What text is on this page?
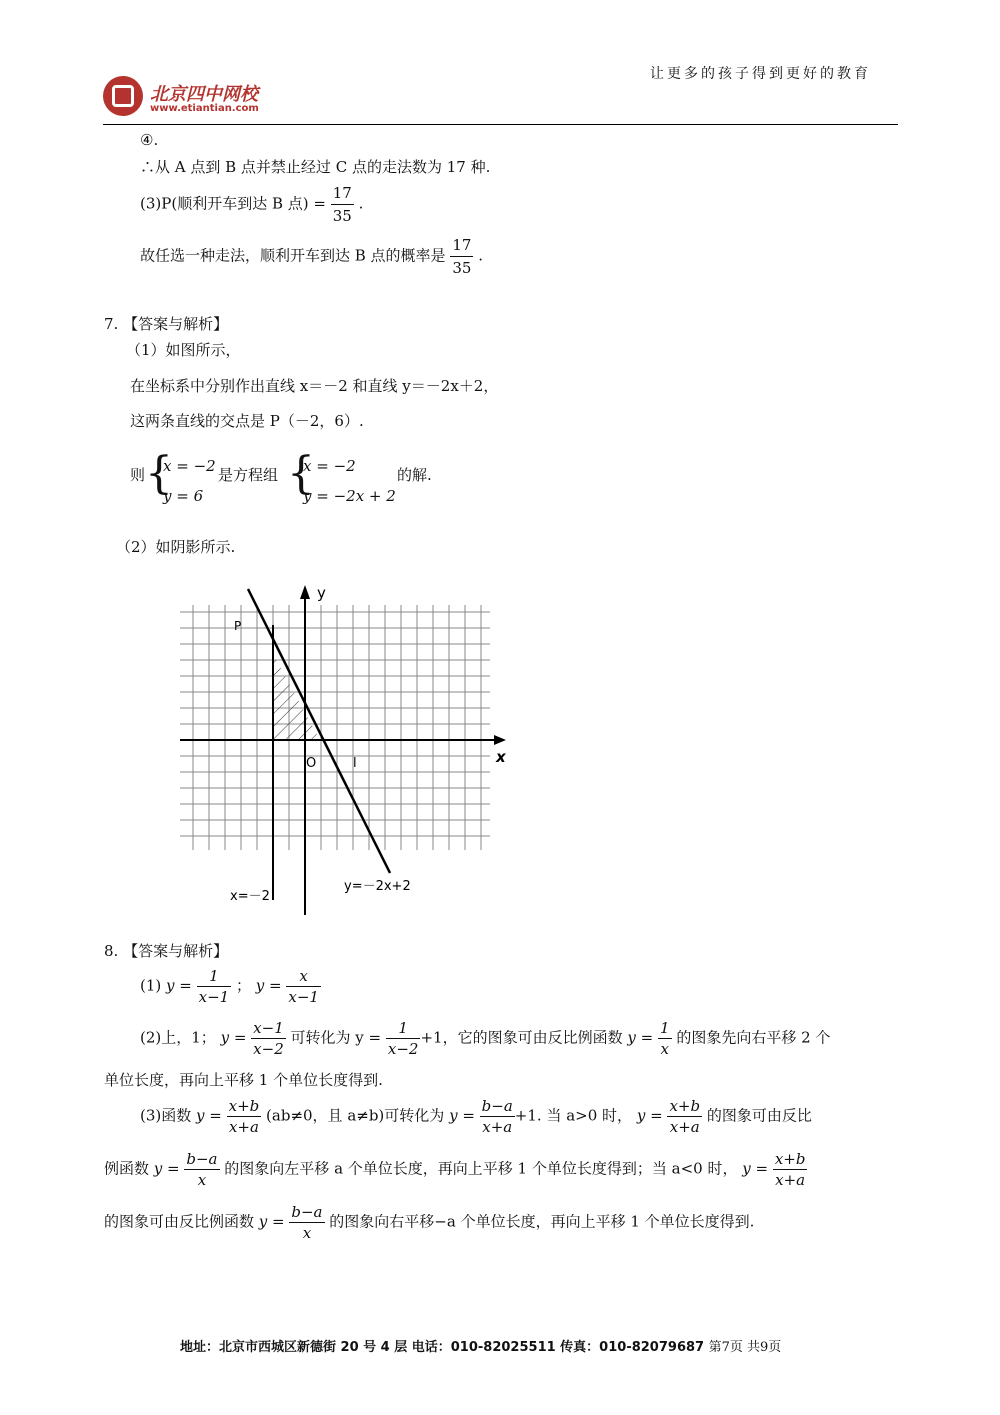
北京四中网校
www.etiantian.com
让更多的孩子得到更好的教育
④.
∴从 A 点到 B 点并禁止经过 C 点的走法数为 17 种.
(3)P(顺利开车到达 B 点) = $\frac{17}{35}$ .
故任选一种走法，顺利开车到达 B 点的概率是 $\frac{17}{35}$ .
7. 【答案与解析】
（1）如图所示，
在坐标系中分别作出直线 x＝－2 和直线 y＝－2x＋2，
这两条直线的交点是 P（－2，6）.
则 {
x = −2
y = 6
是方程组 {
x = −2
y = −2x + 2
的解.
（2）如阴影所示.
y
x
P
O	l
x=－2
y=－2x+2
8. 【答案与解析】
(1) $y = \frac{1}{x-1}$ ； $y = \frac{x}{x-1}$
(2)上，1； $y = \frac{x-1}{x-2}$ 可转化为 $y = \frac{1}{x-2} +1$，它的图象可由反比例函数 $y = \frac{1}{x}$ 的图象先向右平移 2 个
单位长度，再向上平移 1 个单位长度得到.
(3)函数 $y = \frac{x+b}{x+a} (ab\ne 0$，且 a≠b)可转化为 $y = \frac{b-a}{x+a} +1$. 当 a>0 时， $y = \frac{x+b}{x+a}$ 的图象可由反比
例函数 $y = \frac{b-a}{x}$ 的图象向左平移 a 个单位长度，再向上平移 1 个单位长度得到；当 a<0 时， $y = \frac{x+b}{x+a}$
的图象可由反比例函数 $y = \frac{b-a}{x}$ 的图象向右平移−a 个单位长度，再向上平移 1 个单位长度得到.
地址：北京市西城区新德街 20 号 4 层 电话：010-82025511 传真：010-82079687 第7页 共9页
